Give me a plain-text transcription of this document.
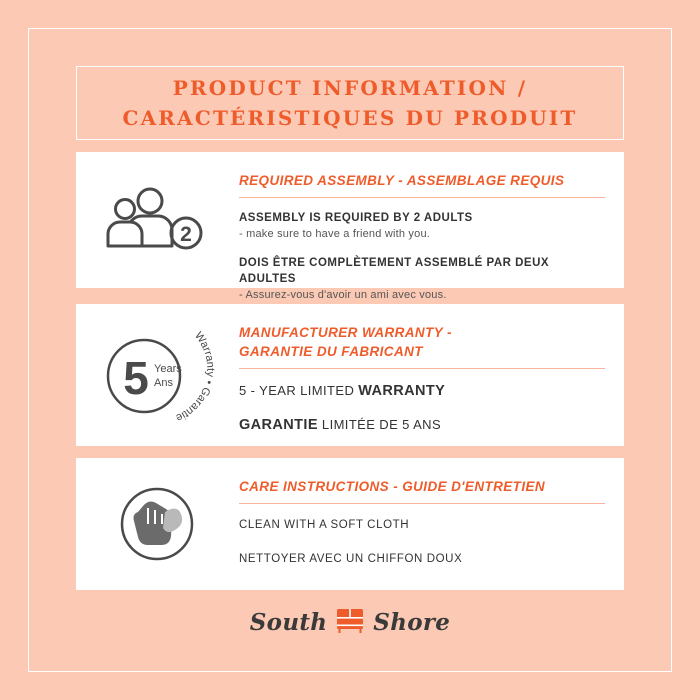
PRODUCT INFORMATION /
CARACTÉRISTIQUES DU PRODUIT
2
REQUIRED ASSEMBLY - ASSEMBLAGE REQUIS
ASSEMBLY IS REQUIRED BY 2 ADULTS
- make sure to have a friend with you.
DOIS ÊTRE COMPLÈTEMENT ASSEMBLÉ PAR DEUX ADULTES
- Assurez-vous d'avoir un ami avec vous.
5 Years
Ans
Warranty • Garantie
MANUFACTURER WARRANTY -
GARANTIE DU FABRICANT
5 - YEAR LIMITED WARRANTY
GARANTIE LIMITÉE DE 5 ANS
CARE INSTRUCTIONS - GUIDE D'ENTRETIEN
CLEAN WITH A SOFT CLOTH
NETTOYER AVEC UN CHIFFON DOUX
South Shore
